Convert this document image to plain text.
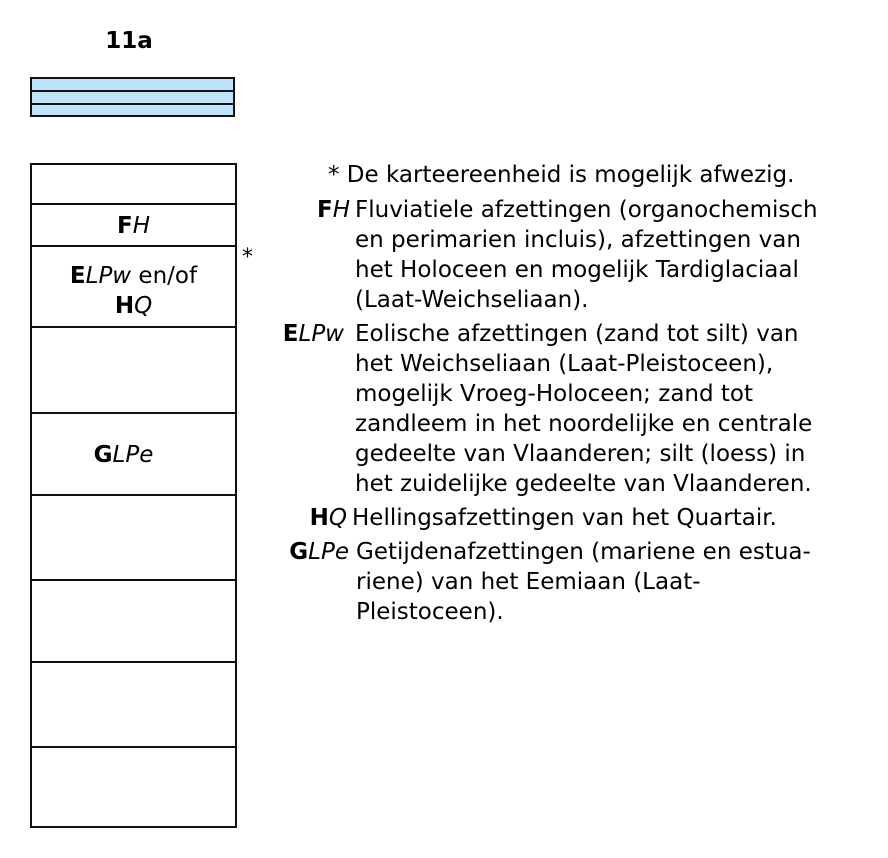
11a
FH
ELPw en/of
HQ
GLPe
*
* De karteereenheid is mogelijk afwezig.
FH Fluviatiele afzettingen (organochemisch
en perimarien incluis), afzettingen van
het Holoceen en mogelijk Tardiglaciaal
(Laat-Weichseliaan).
ELPw Eolische afzettingen (zand tot silt) van
het Weichseliaan (Laat-Pleistoceen),
mogelijk Vroeg-Holoceen; zand tot
zandleem in het noordelijke en centrale
gedeelte van Vlaanderen; silt (loess) in
het zuidelijke gedeelte van Vlaanderen.
HQ Hellingsafzettingen van het Quartair.
GLPe Getijdenafzettingen (mariene en estua-
riene) van het Eemiaan (Laat-
Pleistoceen).
